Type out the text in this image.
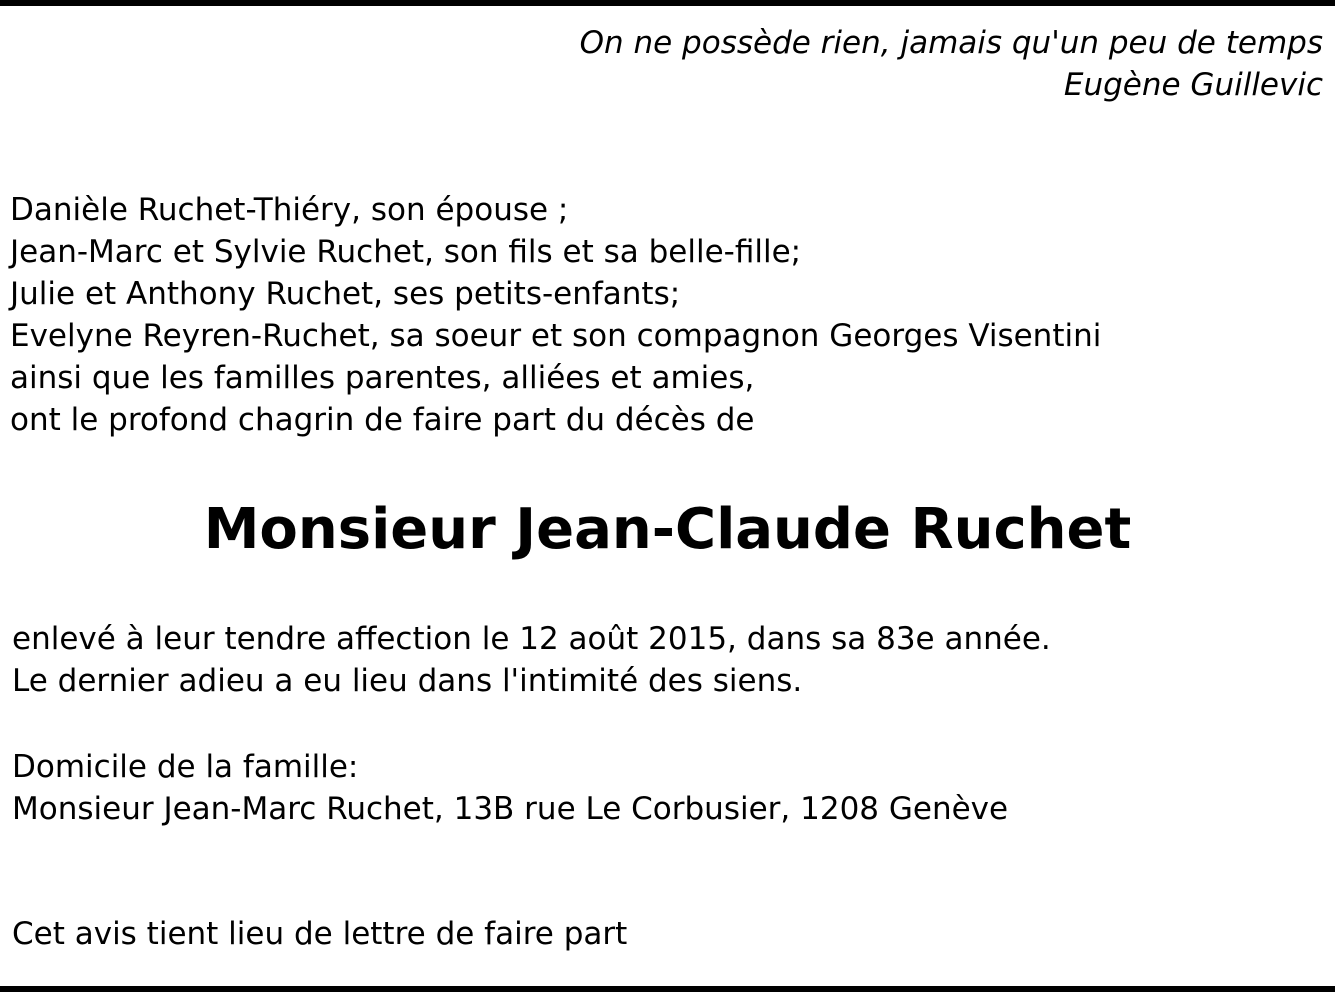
On ne possède rien, jamais qu'un peu de temps
Eugène Guillevic
Danièle Ruchet-Thiéry, son épouse ;
Jean-Marc et Sylvie Ruchet, son fils et sa belle-fille;
Julie et Anthony Ruchet, ses petits-enfants;
Evelyne Reyren-Ruchet, sa soeur et son compagnon Georges Visentini
ainsi que les familles parentes, alliées et amies,
ont le profond chagrin de faire part du décès de
Monsieur Jean-Claude Ruchet
enlevé à leur tendre affection le 12 août 2015, dans sa 83e année.
Le dernier adieu a eu lieu dans l'intimité des siens.
Domicile de la famille:
Monsieur Jean-Marc Ruchet, 13B rue Le Corbusier, 1208 Genève
Cet avis tient lieu de lettre de faire part
